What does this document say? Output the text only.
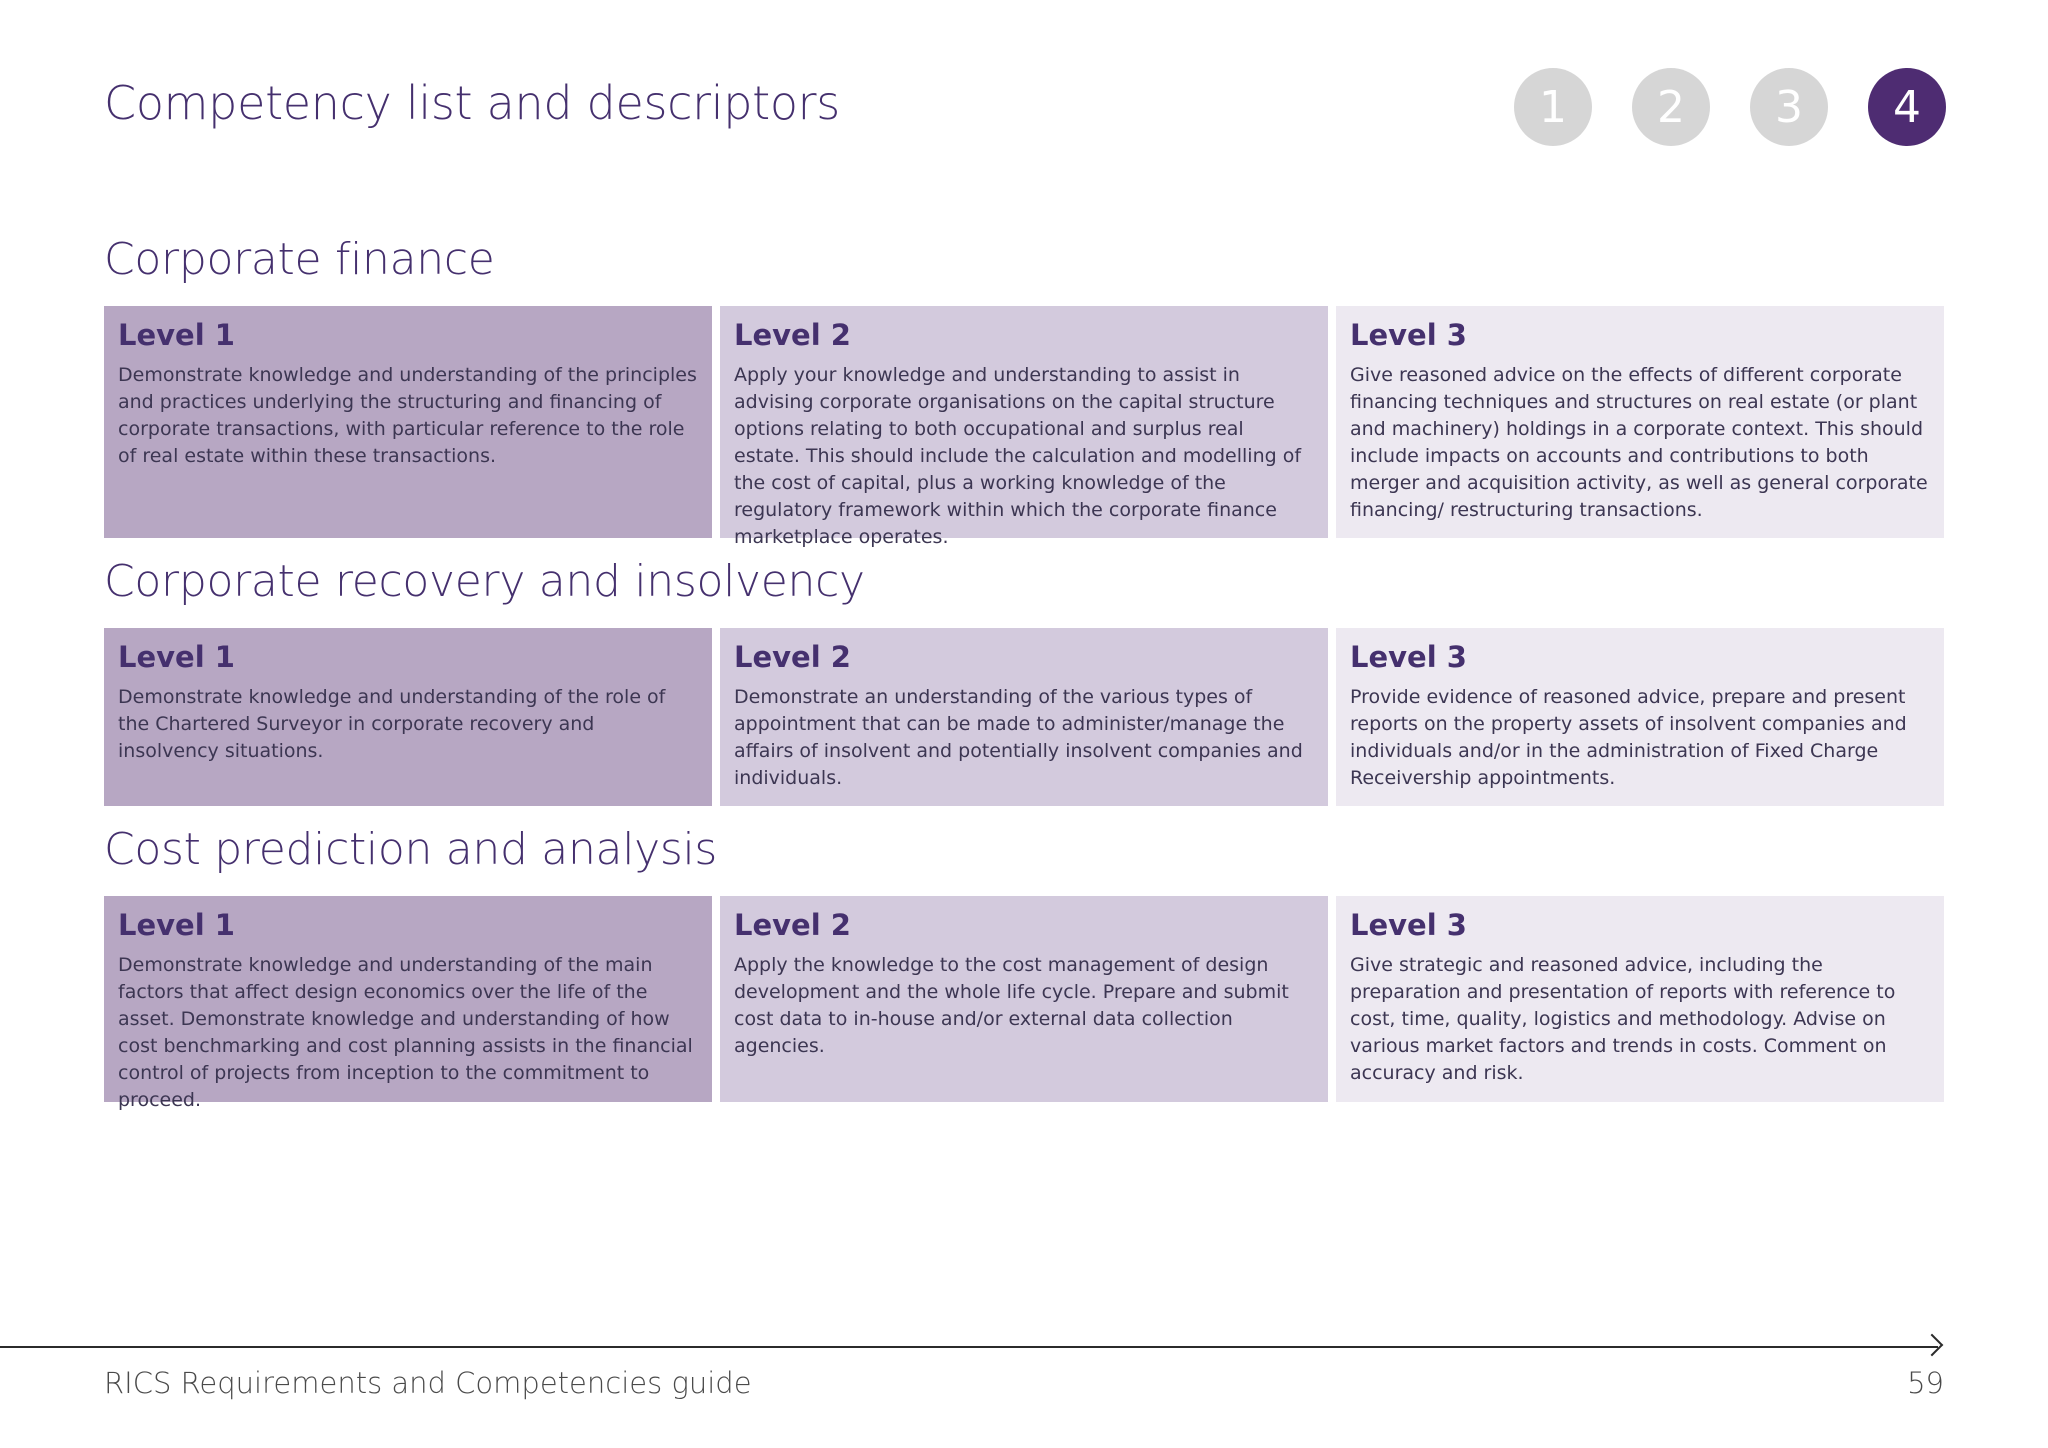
Competency list and descriptors	1	2	3	4
Corporate finance
Level 1
Demonstrate knowledge and understanding of the principles and practices underlying the structuring and financing of corporate transactions, with particular reference to the role of real estate within these transactions.
Level 2
Apply your knowledge and understanding to assist in advising corporate organisations on the capital structure options relating to both occupational and surplus real estate. This should include the calculation and modelling of the cost of capital, plus a working knowledge of the regulatory framework within which the corporate finance marketplace operates.
Level 3
Give reasoned advice on the effects of different corporate financing techniques and structures on real estate (or plant and machinery) holdings in a corporate context. This should include impacts on accounts and contributions to both merger and acquisition activity, as well as general corporate financing/ restructuring transactions.
Corporate recovery and insolvency
Level 1
Demonstrate knowledge and understanding of the role of the Chartered Surveyor in corporate recovery and insolvency situations.
Level 2
Demonstrate an understanding of the various types of appointment that can be made to administer/manage the affairs of insolvent and potentially insolvent companies and individuals.
Level 3
Provide evidence of reasoned advice, prepare and present reports on the property assets of insolvent companies and individuals and/or in the administration of Fixed Charge Receivership appointments.
Cost prediction and analysis
Level 1
Demonstrate knowledge and understanding of the main factors that affect design economics over the life of the asset. Demonstrate knowledge and understanding of how cost benchmarking and cost planning assists in the financial control of projects from inception to the commitment to proceed.
Level 2
Apply the knowledge to the cost management of design development and the whole life cycle. Prepare and submit cost data to in-house and/or external data collection agencies.
Level 3
Give strategic and reasoned advice, including the preparation and presentation of reports with reference to cost, time, quality, logistics and methodology. Advise on various market factors and trends in costs. Comment on accuracy and risk.
RICS Requirements and Competencies guide	59
